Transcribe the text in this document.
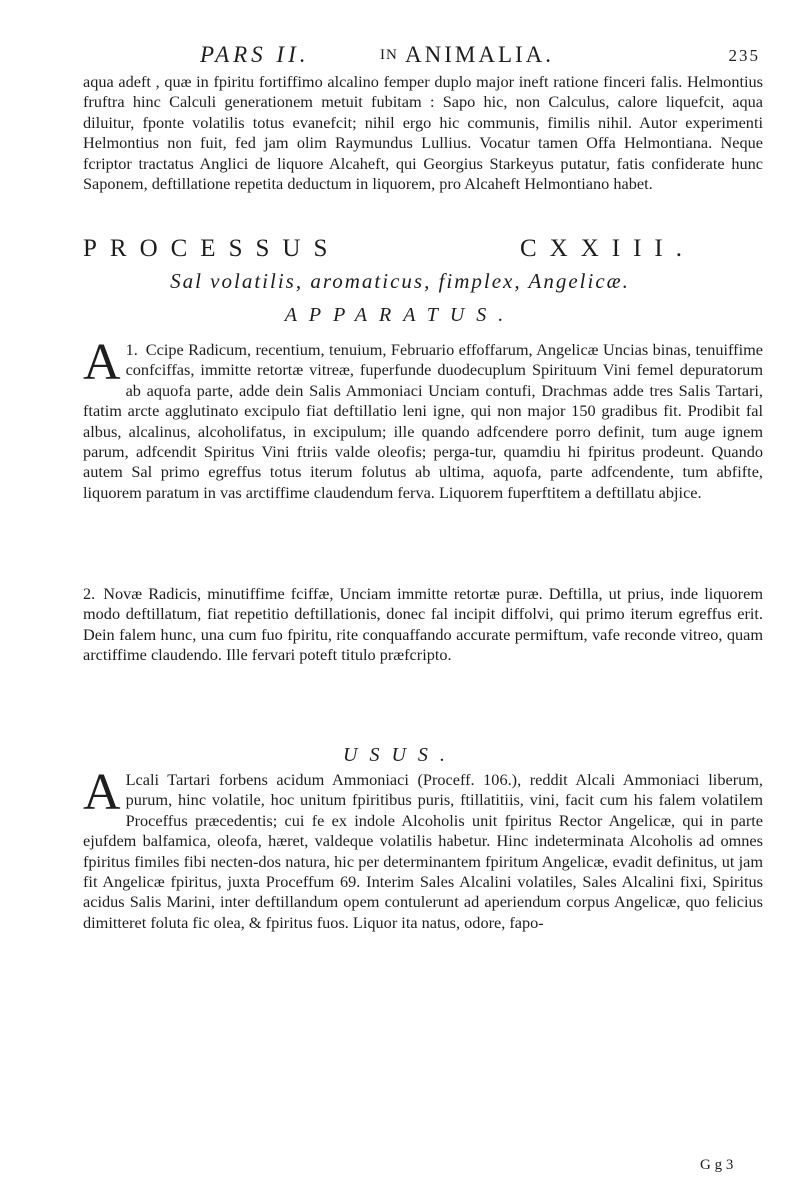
PARS II.	IN ANIMALIA.	235
aqua adeft , quæ in fpiritu fortiffimo alcalino femper duplo major ineft ratione finceri falis. Helmontius fruftra hinc Calculi generationem metuit fubitam : Sapo hic, non Calculus, calore liquefcit, aqua diluitur, fponte volatilis totus evanefcit; nihil ergo hic communis, fimilis nihil. Autor experimenti Helmontius non fuit, fed jam olim Raymundus Lullius. Vocatur tamen Offa Helmontiana. Neque fcriptor tractatus Anglici de liquore Alcaheft, qui Georgius Starkeyus putatur, fatis confiderate hunc Saponem, deftillatione repetita deductum in liquorem, pro Alcaheft Helmontiano habet.
PROCESSUS	CXXIII.
Sal volatilis, aromaticus, fimplex, Angelicæ.
APPARATUS.
1.
A Ccipe Radicum, recentium, tenuium, Februario effoffarum, Angelicæ Uncias binas, tenuiffime confciffas, immitte retortæ vitreæ, fuperfunde duodecuplum Spirituum Vini femel depuratorum ab aquofa parte, adde dein Salis Ammoniaci Unciam contufi, Drachmas adde tres Salis Tartari, ftatim arcte agglutinato excipulo fiat deftillatio leni igne, qui non major 150 gradibus fit. Prodibit fal albus, alcalinus, alcoholifatus, in excipulum; ille quando adfcendere porro definit, tum auge ignem parum, adfcendit Spiritus Vini ftriis valde oleofis; perga-tur, quamdiu hi fpiritus prodeunt. Quando autem Sal primo egreffus totus iterum folutus ab ultima, aquofa, parte adfcendente, tum abfifte, liquorem paratum in vas arctiffime claudendum ferva. Liquorem fuperftitem a deftillatu abjice.
2. Novæ Radicis, minutiffime fciffæ, Unciam immitte retortæ puræ. Deftilla, ut prius, inde liquorem modo deftillatum, fiat repetitio deftillationis, donec fal incipit diffolvi, qui primo iterum egreffus erit. Dein falem hunc, una cum fuo fpiritu, rite conquaffando accurate permiftum, vafe reconde vitreo, quam arctiffime claudendo. Ille fervari poteft titulo præfcripto.
USUS.
A Lcali Tartari forbens acidum Ammoniaci (Proceff. 106.), reddit Alcali Ammoniaci liberum, purum, hinc volatile, hoc unitum fpiritibus puris, ftillatitiis, vini, facit cum his falem volatilem Proceffus præcedentis; cui fe ex indole Alcoholis unit fpiritus Rector Angelicæ, qui in parte ejufdem balfamica, oleofa, hæret, valdeque volatilis habetur. Hinc indeterminata Alcoholis ad omnes fpiritus fimiles fibi necten-dos natura, hic per determinantem fpiritum Angelicæ, evadit definitus, ut jam fit Angelicæ fpiritus, juxta Proceffum 69. Interim Sales Alcalini volatiles, Sales Alcalini fixi, Spiritus acidus Salis Marini, inter deftillandum opem contulerunt ad aperiendum corpus Angelicæ, quo felicius dimitteret foluta fic olea, & fpiritus fuos. Liquor ita natus, odore, fapo-
G g 3
